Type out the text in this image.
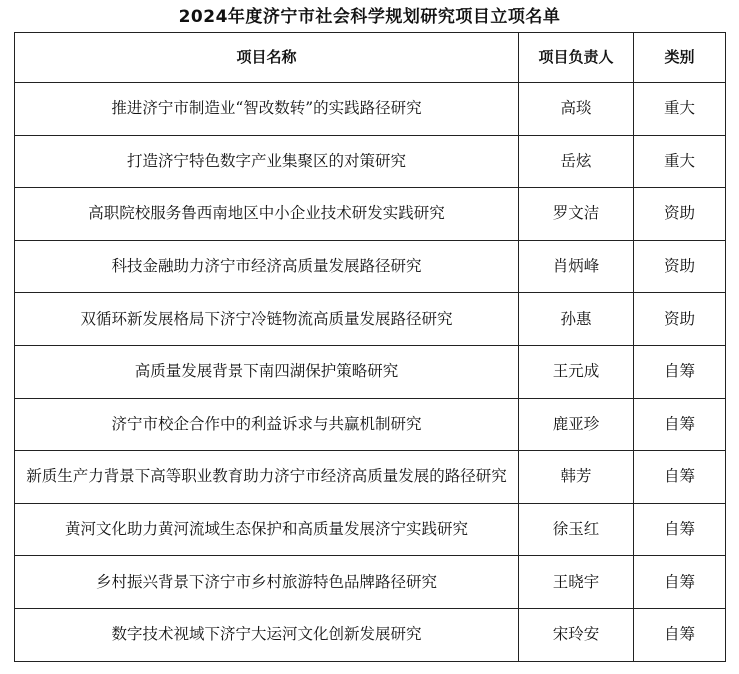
2024年度济宁市社会科学规划研究项目立项名单
项目名称	项目负责人	类别
推进济宁市制造业“智改数转”的实践路径研究	高琰	重大
打造济宁特色数字产业集聚区的对策研究	岳炫	重大
高职院校服务鲁西南地区中小企业技术研发实践研究	罗文洁	资助
科技金融助力济宁市经济高质量发展路径研究	肖炳峰	资助
双循环新发展格局下济宁冷链物流高质量发展路径研究	孙惠	资助
高质量发展背景下南四湖保护策略研究	王元成	自筹
济宁市校企合作中的利益诉求与共赢机制研究	鹿亚珍	自筹
新质生产力背景下高等职业教育助力济宁市经济高质量发展的路径研究	韩芳	自筹
黄河文化助力黄河流域生态保护和高质量发展济宁实践研究	徐玉红	自筹
乡村振兴背景下济宁市乡村旅游特色品牌路径研究	王晓宇	自筹
数字技术视域下济宁大运河文化创新发展研究	宋玲安	自筹
